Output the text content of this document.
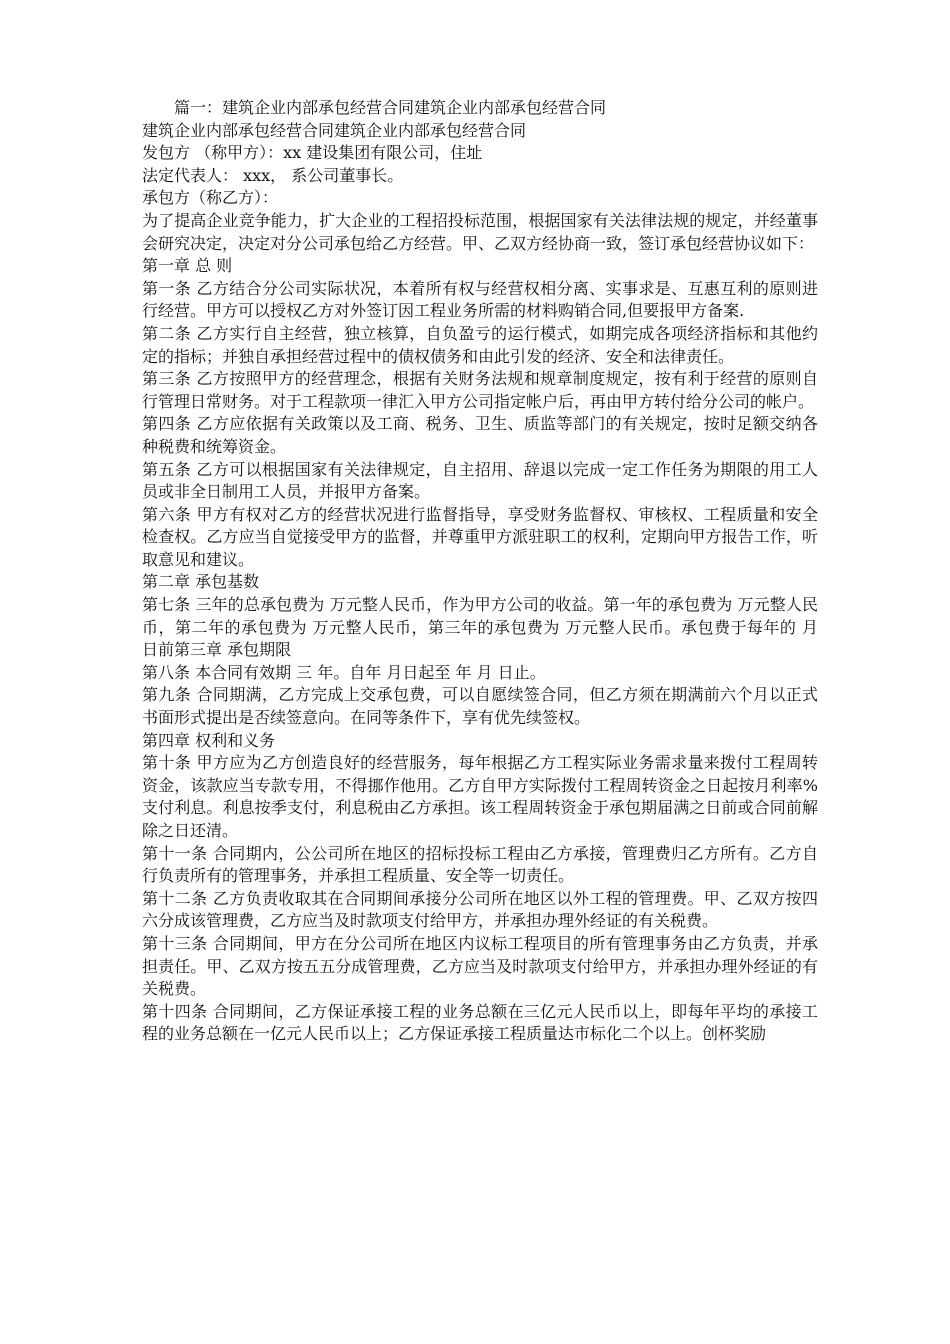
篇一：建筑企业内部承包经营合同建筑企业内部承包经营合同

建筑企业内部承包经营合同建筑企业内部承包经营合同

发包方 （称甲方）：xx 建设集团有限公司，住址

法定代表人： xxx， 系公司董事长。

承包方（称乙方）：

为了提高企业竞争能力，扩大企业的工程招投标范围，根据国家有关法律法规的规定，并经董事会研究决定，决定对分公司承包给乙方经营。甲、乙双方经协商一致，签订承包经营协议如下：

第一章 总 则

第一条 乙方结合分公司实际状况，本着所有权与经营权相分离、实事求是、互惠互利的原则进行经营。甲方可以授权乙方对外签订因工程业务所需的材料购销合同,但要报甲方备案.

第二条 乙方实行自主经营，独立核算，自负盈亏的运行模式，如期完成各项经济指标和其他约定的指标；并独自承担经营过程中的债权债务和由此引发的经济、安全和法律责任。

第三条 乙方按照甲方的经营理念，根据有关财务法规和规章制度规定，按有利于经营的原则自行管理日常财务。对于工程款项一律汇入甲方公司指定帐户后，再由甲方转付给分公司的帐户。

第四条 乙方应依据有关政策以及工商、税务、卫生、质监等部门的有关规定，按时足额交纳各种税费和统筹资金。

第五条 乙方可以根据国家有关法律规定，自主招用、辞退以完成一定工作任务为期限的用工人员或非全日制用工人员，并报甲方备案。

第六条 甲方有权对乙方的经营状况进行监督指导，享受财务监督权、审核权、工程质量和安全检查权。乙方应当自觉接受甲方的监督，并尊重甲方派驻职工的权利，定期向甲方报告工作，听取意见和建议。

第二章 承包基数

第七条 三年的总承包费为 万元整人民币，作为甲方公司的收益。第一年的承包费为 万元整人民币，第二年的承包费为 万元整人民币，第三年的承包费为 万元整人民币。承包费于每年的 月 日前第三章 承包期限

第八条 本合同有效期 三 年。自年 月日起至 年 月 日止。

第九条 合同期满，乙方完成上交承包费，可以自愿续签合同，但乙方须在期满前六个月以正式书面形式提出是否续签意向。在同等条件下，享有优先续签权。

第四章 权利和义务

第十条 甲方应为乙方创造良好的经营服务，每年根据乙方工程实际业务需求量来拨付工程周转资金，该款应当专款专用，不得挪作他用。乙方自甲方实际拨付工程周转资金之日起按月利率%支付利息。利息按季支付，利息税由乙方承担。该工程周转资金于承包期届满之日前或合同前解除之日还清。

第十一条 合同期内，公公司所在地区的招标投标工程由乙方承接，管理费归乙方所有。乙方自行负责所有的管理事务，并承担工程质量、安全等一切责任。

第十二条 乙方负责收取其在合同期间承接分公司所在地区以外工程的管理费。甲、乙双方按四六分成该管理费，乙方应当及时款项支付给甲方，并承担办理外经证的有关税费。

第十三条 合同期间，甲方在分公司所在地区内议标工程项目的所有管理事务由乙方负责，并承担责任。甲、乙双方按五五分成管理费，乙方应当及时款项支付给甲方，并承担办理外经证的有关税费。

第十四条 合同期间，乙方保证承接工程的业务总额在三亿元人民币以上，即每年平均的承接工程的业务总额在一亿元人民币以上；乙方保证承接工程质量达市标化二个以上。创杯奖励
